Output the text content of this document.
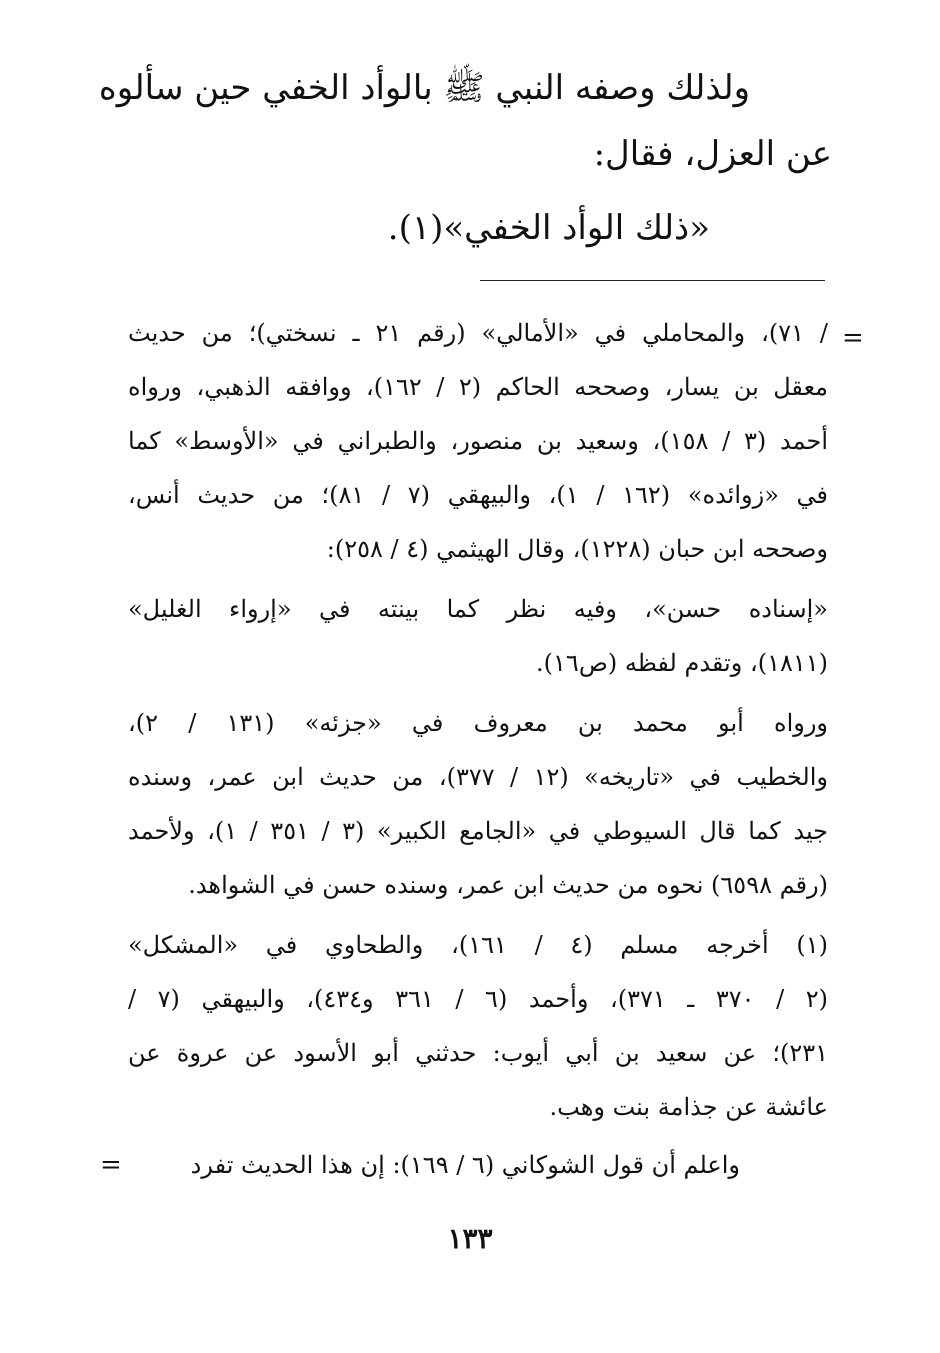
ولذلك وصفه النبي ﷺ بالوأد الخفي حين سألوه
عن العزل، فقال:
«ذلك الوأد الخفي»(١).
=
/ ٧١)، والمحاملي في «الأمالي» (رقم ٢١ ـ نسختي)؛ من حديث
معقل بن يسار، وصححه الحاكم (٢ / ١٦٢)، ووافقه الذهبي، ورواه
أحمد (٣ / ١٥٨)، وسعيد بن منصور، والطبراني في «الأوسط» كما
في «زوائده» (١٦٢ / ١)، والبيهقي (٧ / ٨١)؛ من حديث أنس،
وصححه ابن حبان (١٢٢٨)، وقال الهيثمي (٤ / ٢٥٨):
«إسناده حسن»، وفيه نظر كما بينته في «إرواء الغليل»
(١٨١١)، وتقدم لفظه (ص١٦).
ورواه أبو محمد بن معروف في «جزئه» (١٣١ / ٢)،
والخطيب في «تاريخه» (١٢ / ٣٧٧)، من حديث ابن عمر، وسنده
جيد كما قال السيوطي في «الجامع الكبير» (٣ / ٣٥١ / ١)، ولأحمد
(رقم ٦٥٩٨) نحوه من حديث ابن عمر، وسنده حسن في الشواهد.
(١) أخرجه مسلم (٤ / ١٦١)، والطحاوي في «المشكل»
(٢ / ٣٧٠ ـ ٣٧١)، وأحمد (٦ / ٣٦١ و٤٣٤)، والبيهقي (٧ /
٢٣١)؛ عن سعيد بن أبي أيوب: حدثني أبو الأسود عن عروة عن
عائشة عن جذامة بنت وهب.
واعلم أن قول الشوكاني (٦ / ١٦٩): إن هذا الحديث تفرد
=
١٣٣
